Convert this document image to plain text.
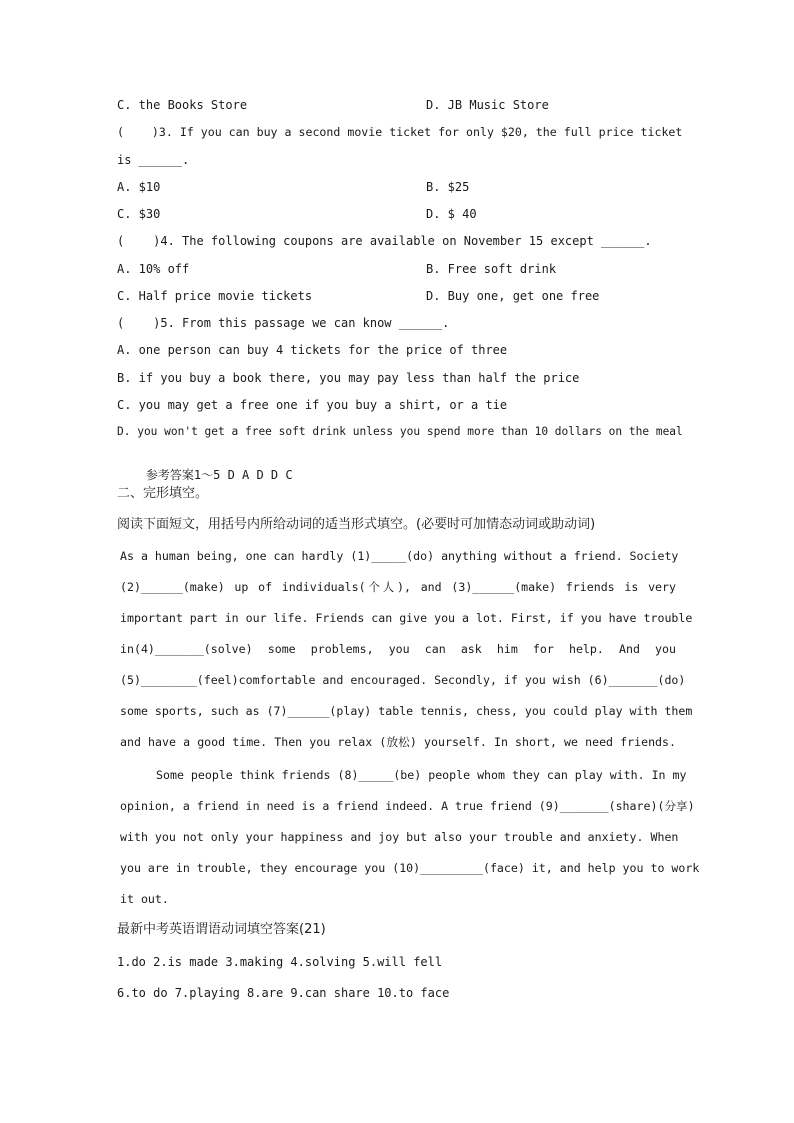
C. the Books Store	D. JB Music Store
(    )3. If you can buy a second movie ticket for only $20, the full price ticket
is ______.
A. $10	B. $25
C. $30	D. $ 40
(    )4. The following coupons are available on November 15 except ______.
A. 10% off	B. Free soft drink
C. Half price movie tickets	D. Buy one, get one free
(    )5. From this passage we can know ______.
A. one person can buy 4 tickets for the price of three
B. if you buy a book there, you may pay less than half the price
C. you may get a free one if you buy a shirt, or a tie
D. you won't get a free soft drink unless you spend more than 10 dollars on the meal

参考答案1～5 D A D D C

二、完形填空。
阅读下面短文，用括号内所给动词的适当形式填空。(必要时可加情态动词或助动词)
As a human being, one can hardly (1)_____(do) anything without a friend. Society
(2)______(make) up of individuals(个人), and (3)______(make) friends is very
important part in our life. Friends can give you a lot. First, if you have trouble
in(4)_______(solve) some problems, you can ask him for help. And you
(5)________(feel)comfortable and encouraged. Secondly, if you wish (6)_______(do)
some sports, such as (7)______(play) table tennis, chess, you could play with them
and have a good time. Then you relax (放松) yourself. In short, we need friends.
Some people think friends (8)_____(be) people whom they can play with. In my
opinion, a friend in need is a friend indeed. A true friend (9)_______(share)(分享)
with you not only your happiness and joy but also your trouble and anxiety. When
you are in trouble, they encourage you (10)_________(face) it, and help you to work
it out.
最新中考英语谓语动词填空答案(21)
1.do 2.is made 3.making 4.solving 5.will fell
6.to do 7.playing 8.are 9.can share 10.to face
